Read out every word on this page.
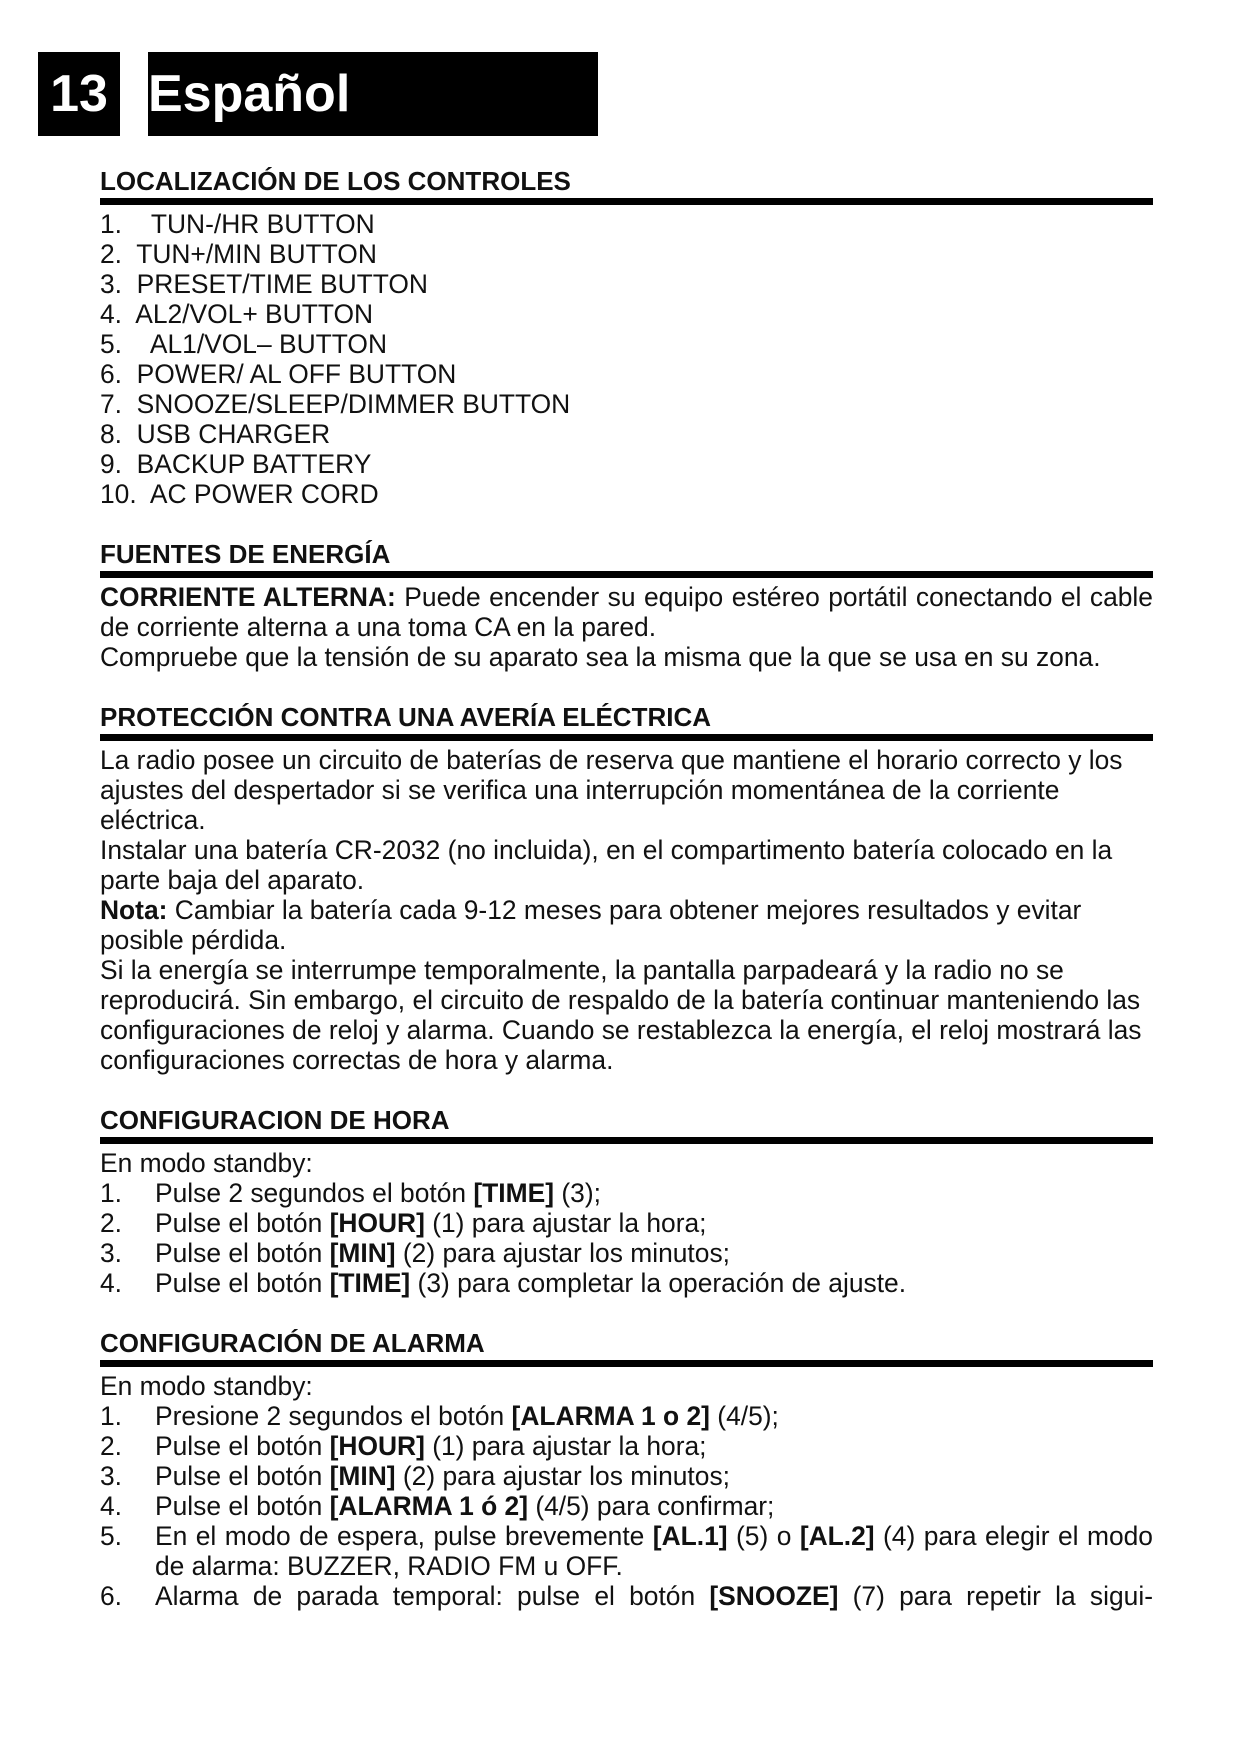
13 Español
LOCALIZACIÓN DE LOS CONTROLES
1.    TUN-/HR BUTTON
2.  TUN+/MIN BUTTON
3.  PRESET/TIME BUTTON
4.  AL2/VOL+ BUTTON
5.    AL1/VOL– BUTTON
6.  POWER/ AL OFF BUTTON
7.  SNOOZE/SLEEP/DIMMER BUTTON
8.  USB CHARGER
9.  BACKUP BATTERY
10.  AC POWER CORD
FUENTES DE ENERGÍA

CORRIENTE ALTERNA: Puede encender su equipo estéreo portátil conectando el cable de corriente alterna a una toma CA en la pared.

Compruebe que la tensión de su aparato sea la misma que la que se usa en su zona.

PROTECCIÓN CONTRA UNA AVERÍA ELÉCTRICA

La radio posee un circuito de baterías de reserva que mantiene el horario correcto y los ajustes del despertador si se verifica una interrupción momentánea de la corriente eléctrica.

Instalar una batería CR-2032 (no incluida), en el compartimento batería colocado en la parte baja del aparato.

Nota: Cambiar la batería cada 9-12 meses para obtener mejores resultados y evitar posible pérdida.

Si la energía se interrumpe temporalmente, la pantalla parpadeará y la radio no se reproducirá. Sin embargo, el circuito de respaldo de la batería continuar manteniendo las configuraciones de reloj y alarma. Cuando se restablezca la energía, el reloj mostrará las configuraciones correctas de hora y alarma.

CONFIGURACION DE HORA

En modo standby:

1. Pulse 2 segundos el botón [TIME] (3);
2. Pulse el botón [HOUR] (1) para ajustar la hora;
3. Pulse el botón [MIN] (2) para ajustar los minutos;
4. Pulse el botón [TIME] (3) para completar la operación de ajuste.
CONFIGURACIÓN DE ALARMA

En modo standby:

1. Presione 2 segundos el botón [ALARMA 1 o 2] (4/5);
2. Pulse el botón [HOUR] (1) para ajustar la hora;
3. Pulse el botón [MIN] (2) para ajustar los minutos;
4. Pulse el botón [ALARMA 1 ó 2] (4/5) para confirmar;
5. En el modo de espera, pulse brevemente [AL.1] (5) o [AL.2] (4) para elegir el modo de alarma: BUZZER, RADIO FM u OFF.
6. Alarma de parada temporal: pulse el botón [SNOOZE] (7) para repetir la sigui-
